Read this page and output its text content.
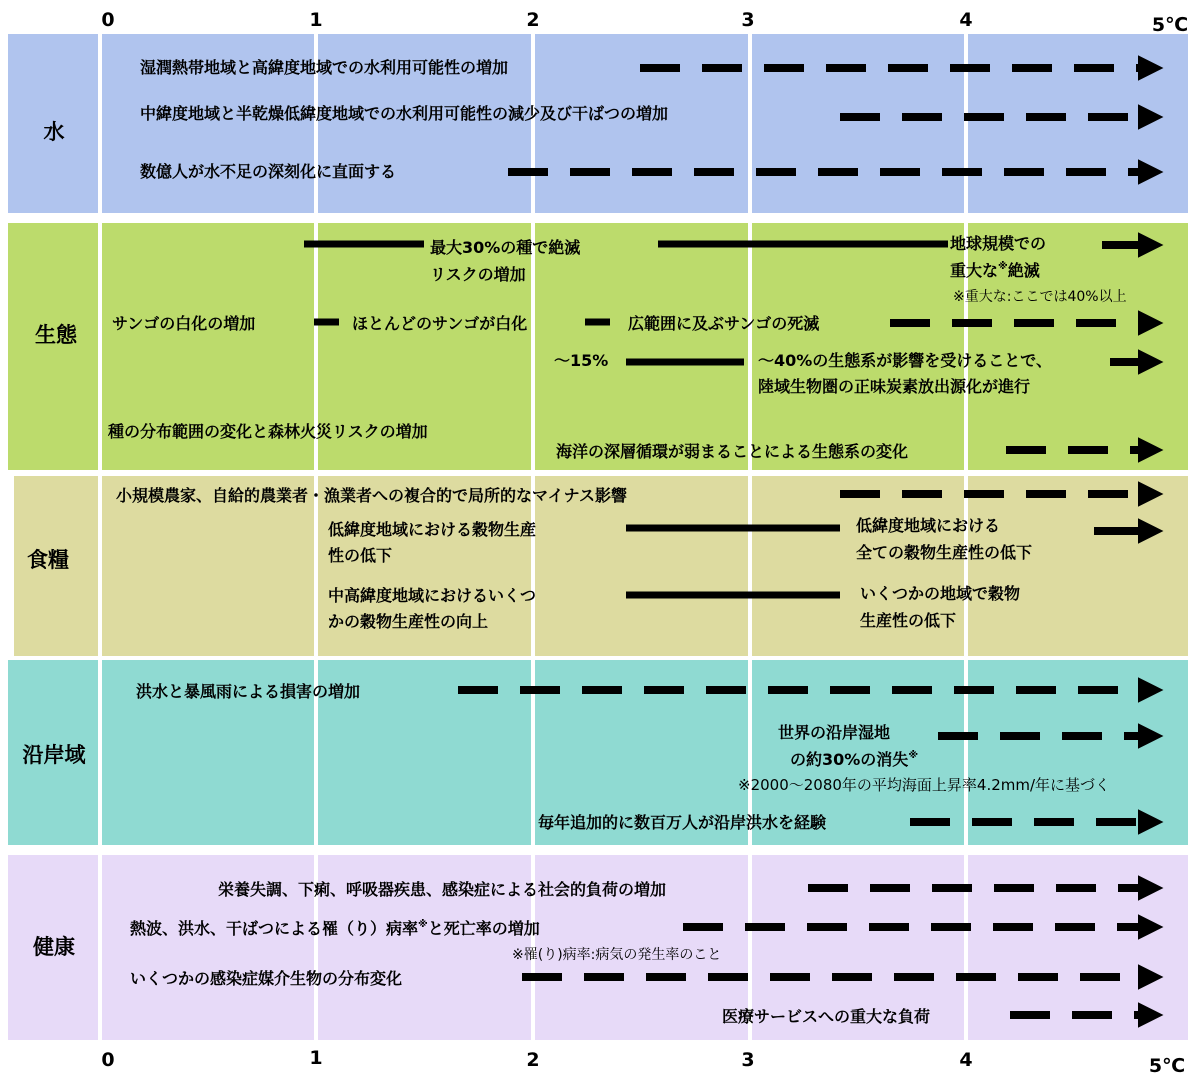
0	1	2	3	4	5℃
0	1	2	3	4	5℃
水
生態
食糧
沿岸域
健康
湿潤熱帯地域と高緯度地域での水利用可能性の増加
中緯度地域と半乾燥低緯度地域での水利用可能性の減少及び干ばつの増加
数億人が水不足の深刻化に直面する
最大30%の種で絶滅
リスクの増加
地球規模での
重大な※絶滅
※重大な:ここでは40%以上
サンゴの白化の増加	ほとんどのサンゴが白化	広範囲に及ぶサンゴの死滅
～15%	～40%の生態系が影響を受けることで、
陸域生物圏の正味炭素放出源化が進行
種の分布範囲の変化と森林火災リスクの増加
海洋の深層循環が弱まることによる生態系の変化
小規模農家、自給的農業者・漁業者への複合的で局所的なマイナス影響
低緯度地域における穀物生産
性の低下
低緯度地域における
全ての穀物生産性の低下
中高緯度地域におけるいくつ
かの穀物生産性の向上
いくつかの地域で穀物
生産性の低下
洪水と暴風雨による損害の増加
世界の沿岸湿地
の約30%の消失※
※2000～2080年の平均海面上昇率4.2mm/年に基づく
毎年追加的に数百万人が沿岸洪水を経験
栄養失調、下痢、呼吸器疾患、感染症による社会的負荷の増加
熱波、洪水、干ばつによる罹（り）病率※と死亡率の増加
※罹(り)病率:病気の発生率のこと
いくつかの感染症媒介生物の分布変化
医療サービスへの重大な負荷
